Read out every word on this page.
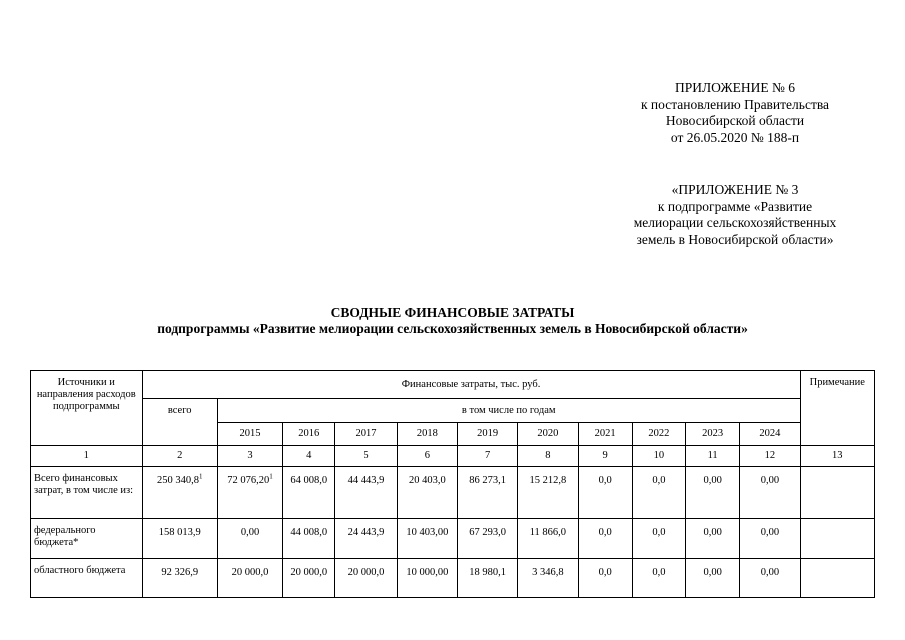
ПРИЛОЖЕНИЕ № 6
к постановлению Правительства
Новосибирской области
от 26.05.2020 № 188-п
«ПРИЛОЖЕНИЕ № 3
к подпрограмме «Развитие
мелиорации сельскохозяйственных
земель в Новосибирской области»
СВОДНЫЕ ФИНАНСОВЫЕ ЗАТРАТЫ
подпрограммы «Развитие мелиорации сельскохозяйственных земель в Новосибирской области»
Источники и направления расходов подпрограммы	Финансовые затраты, тыс. руб.											Примечание
	всего	в том числе по годам										
		2015	2016	2017	2018	2019	2020	2021	2022	2023	2024	
1	2	3	4	5	6	7	8	9	10	11	12	13
Всего финансовых затрат, в том числе из:	250 340,8$^1$	72 076,20$^1$	64 008,0	44 443,9	20 403,0	86 273,1	15 212,8	0,0	0,0	0,00	0,00	
федерального бюджета*	158 013,9	0,00	44 008,0	24 443,9	10 403,00	67 293,0	11 866,0	0,0	0,0	0,00	0,00	
областного бюджета	92 326,9	20 000,0	20 000,0	20 000,0	10 000,00	18 980,1	3 346,8	0,0	0,0	0,00	0,00	
